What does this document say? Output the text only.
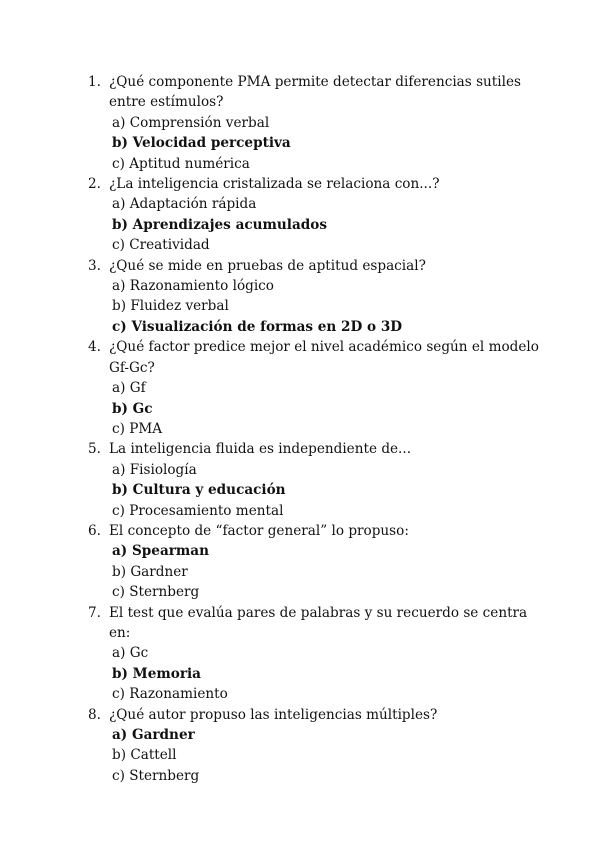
1. ¿Qué componente PMA permite detectar diferencias sutiles entre estímulos?
a) Comprensión verbal
b) Velocidad perceptiva
c) Aptitud numérica
2. ¿La inteligencia cristalizada se relaciona con...?
a) Adaptación rápida
b) Aprendizajes acumulados
c) Creatividad
3. ¿Qué se mide en pruebas de aptitud espacial?
a) Razonamiento lógico
b) Fluidez verbal
c) Visualización de formas en 2D o 3D
4. ¿Qué factor predice mejor el nivel académico según el modelo Gf-Gc?
a) Gf
b) Gc
c) PMA
5. La inteligencia fluida es independiente de...
a) Fisiología
b) Cultura y educación
c) Procesamiento mental
6. El concepto de “factor general” lo propuso:
a) Spearman
b) Gardner
c) Sternberg
7. El test que evalúa pares de palabras y su recuerdo se centra en:
a) Gc
b) Memoria
c) Razonamiento
8. ¿Qué autor propuso las inteligencias múltiples?
a) Gardner
b) Cattell
c) Sternberg
